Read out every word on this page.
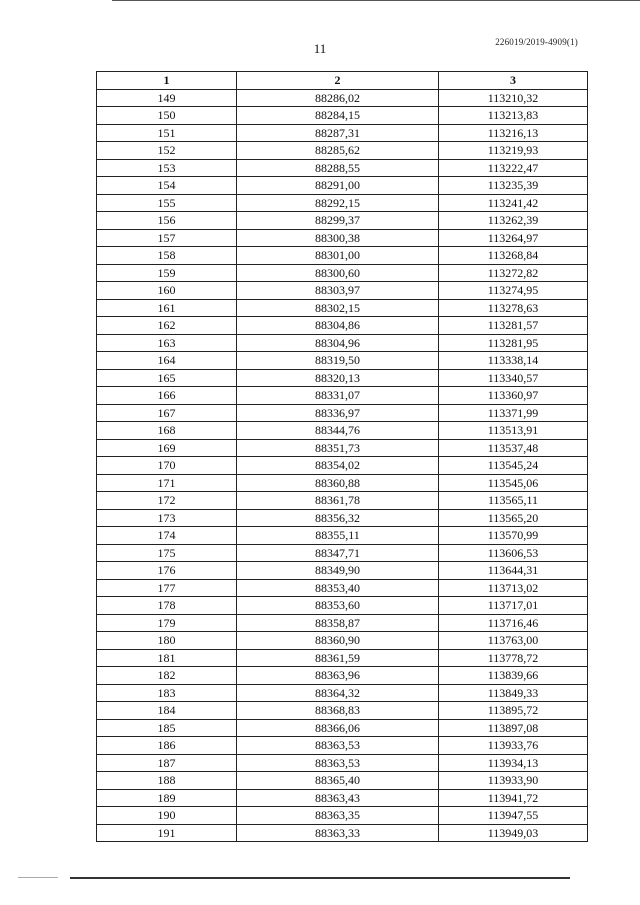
226019/2019-4909(1)
11
1	2	3
149	88286,02	113210,32
150	88284,15	113213,83
151	88287,31	113216,13
152	88285,62	113219,93
153	88288,55	113222,47
154	88291,00	113235,39
155	88292,15	113241,42
156	88299,37	113262,39
157	88300,38	113264,97
158	88301,00	113268,84
159	88300,60	113272,82
160	88303,97	113274,95
161	88302,15	113278,63
162	88304,86	113281,57
163	88304,96	113281,95
164	88319,50	113338,14
165	88320,13	113340,57
166	88331,07	113360,97
167	88336,97	113371,99
168	88344,76	113513,91
169	88351,73	113537,48
170	88354,02	113545,24
171	88360,88	113545,06
172	88361,78	113565,11
173	88356,32	113565,20
174	88355,11	113570,99
175	88347,71	113606,53
176	88349,90	113644,31
177	88353,40	113713,02
178	88353,60	113717,01
179	88358,87	113716,46
180	88360,90	113763,00
181	88361,59	113778,72
182	88363,96	113839,66
183	88364,32	113849,33
184	88368,83	113895,72
185	88366,06	113897,08
186	88363,53	113933,76
187	88363,53	113934,13
188	88365,40	113933,90
189	88363,43	113941,72
190	88363,35	113947,55
191	88363,33	113949,03
